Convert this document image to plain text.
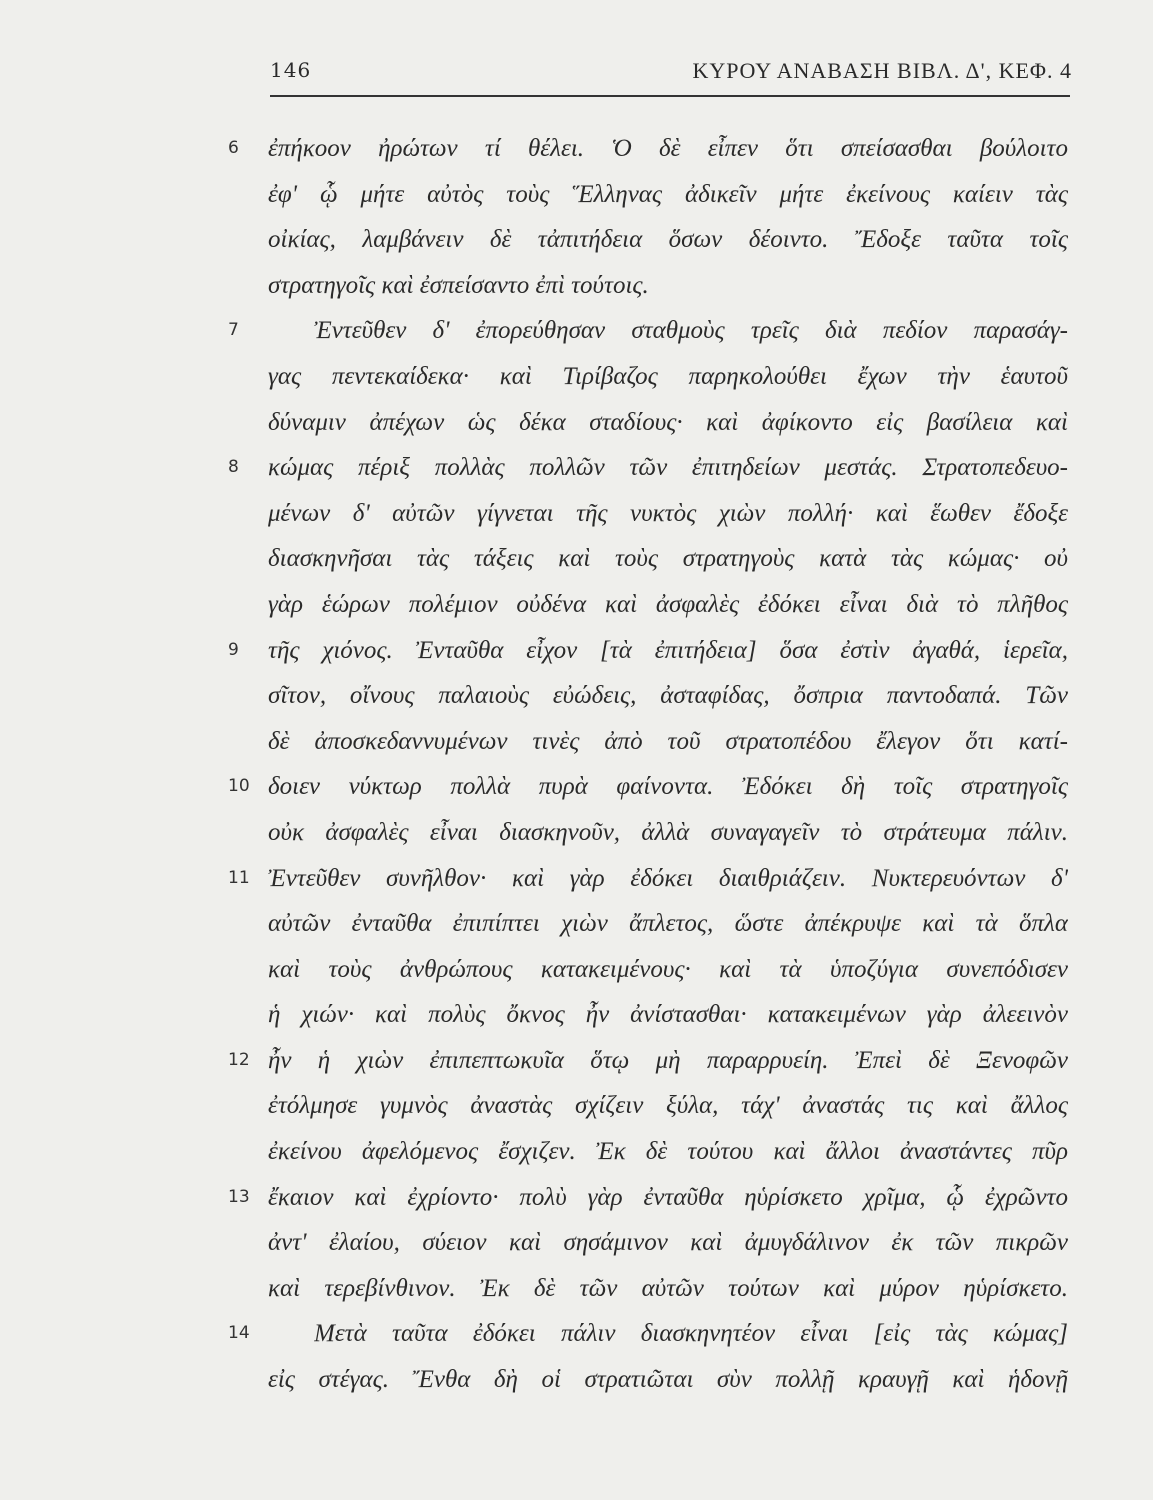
146	ΚΥΡΟΥ ΑΝΑΒΑΣΗ ΒΙΒΛ. Δ', ΚΕΦ. 4
6 ἐπήκοον ἠρώτων τί θέλει. Ὁ δὲ εἶπεν ὅτι σπείσασθαι βούλοιτο
ἐφ' ᾧ μήτε αὐτὸς τοὺς Ἕλληνας ἀδικεῖν μήτε ἐκείνους καίειν τὰς
οἰκίας, λαμβάνειν δὲ τἀπιτήδεια ὅσων δέοιντο. Ἔδοξε ταῦτα τοῖς
στρατηγοῖς καὶ ἐσπείσαντο ἐπὶ τούτοις.
7	Ἐντεῦθεν δ' ἐπορεύθησαν σταθμοὺς τρεῖς διὰ πεδίον παρασάγ-
γας πεντεκαίδεκα· καὶ Τιρίβαζος παρηκολούθει ἔχων τὴν ἑαυτοῦ
δύναμιν ἀπέχων ὡς δέκα σταδίους· καὶ ἀφίκοντο εἰς βασίλεια καὶ
8 κώμας πέριξ πολλὰς πολλῶν τῶν ἐπιτηδείων μεστάς. Στρατοπεδευο-
μένων δ' αὐτῶν γίγνεται τῆς νυκτὸς χιὼν πολλή· καὶ ἕωθεν ἔδοξε
διασκηνῆσαι τὰς τάξεις καὶ τοὺς στρατηγοὺς κατὰ τὰς κώμας· οὐ
γὰρ ἑώρων πολέμιον οὐδένα καὶ ἀσφαλὲς ἐδόκει εἶναι διὰ τὸ πλῆθος
9 τῆς χιόνος. Ἐνταῦθα εἶχον [τὰ ἐπιτήδεια] ὅσα ἐστὶν ἀγαθά, ἱερεῖα,
σῖτον, οἴνους παλαιοὺς εὐώδεις, ἀσταφίδας, ὄσπρια παντοδαπά. Τῶν
δὲ ἀποσκεδαννυμένων τινὲς ἀπὸ τοῦ στρατοπέδου ἔλεγον ὅτι κατί-
10 δοιεν νύκτωρ πολλὰ πυρὰ φαίνοντα. Ἐδόκει δὴ τοῖς στρατηγοῖς
οὐκ ἀσφαλὲς εἶναι διασκηνοῦν, ἀλλὰ συναγαγεῖν τὸ στράτευμα πάλιν.
11 Ἐντεῦθεν συνῆλθον· καὶ γὰρ ἐδόκει διαιθριάζειν. Νυκτερευόντων δ'
αὐτῶν ἐνταῦθα ἐπιπίπτει χιὼν ἄπλετος, ὥστε ἀπέκρυψε καὶ τὰ ὅπλα
καὶ τοὺς ἀνθρώπους κατακειμένους· καὶ τὰ ὑποζύγια συνεπόδισεν
ἡ χιών· καὶ πολὺς ὄκνος ἦν ἀνίστασθαι· κατακειμένων γὰρ ἀλεεινὸν
12 ἦν ἡ χιὼν ἐπιπεπτωκυῖα ὅτῳ μὴ παραρρυείη. Ἐπεὶ δὲ Ξενοφῶν
ἐτόλμησε γυμνὸς ἀναστὰς σχίζειν ξύλα, τάχ' ἀναστάς τις καὶ ἄλλος
ἐκείνου ἀφελόμενος ἔσχιζεν. Ἐκ δὲ τούτου καὶ ἄλλοι ἀναστάντες πῦρ
13 ἔκαιον καὶ ἐχρίοντο· πολὺ γὰρ ἐνταῦθα ηὑρίσκετο χρῖμα, ᾧ ἐχρῶντο
ἀντ' ἐλαίου, σύειον καὶ σησάμινον καὶ ἀμυγδάλινον ἐκ τῶν πικρῶν
καὶ τερεβίνθινον. Ἐκ δὲ τῶν αὐτῶν τούτων καὶ μύρον ηὑρίσκετο.
14	Μετὰ ταῦτα ἐδόκει πάλιν διασκηνητέον εἶναι [εἰς τὰς κώμας]
εἰς στέγας. Ἔνθα δὴ οἱ στρατιῶται σὺν πολλῇ κραυγῇ καὶ ἡδονῇ
